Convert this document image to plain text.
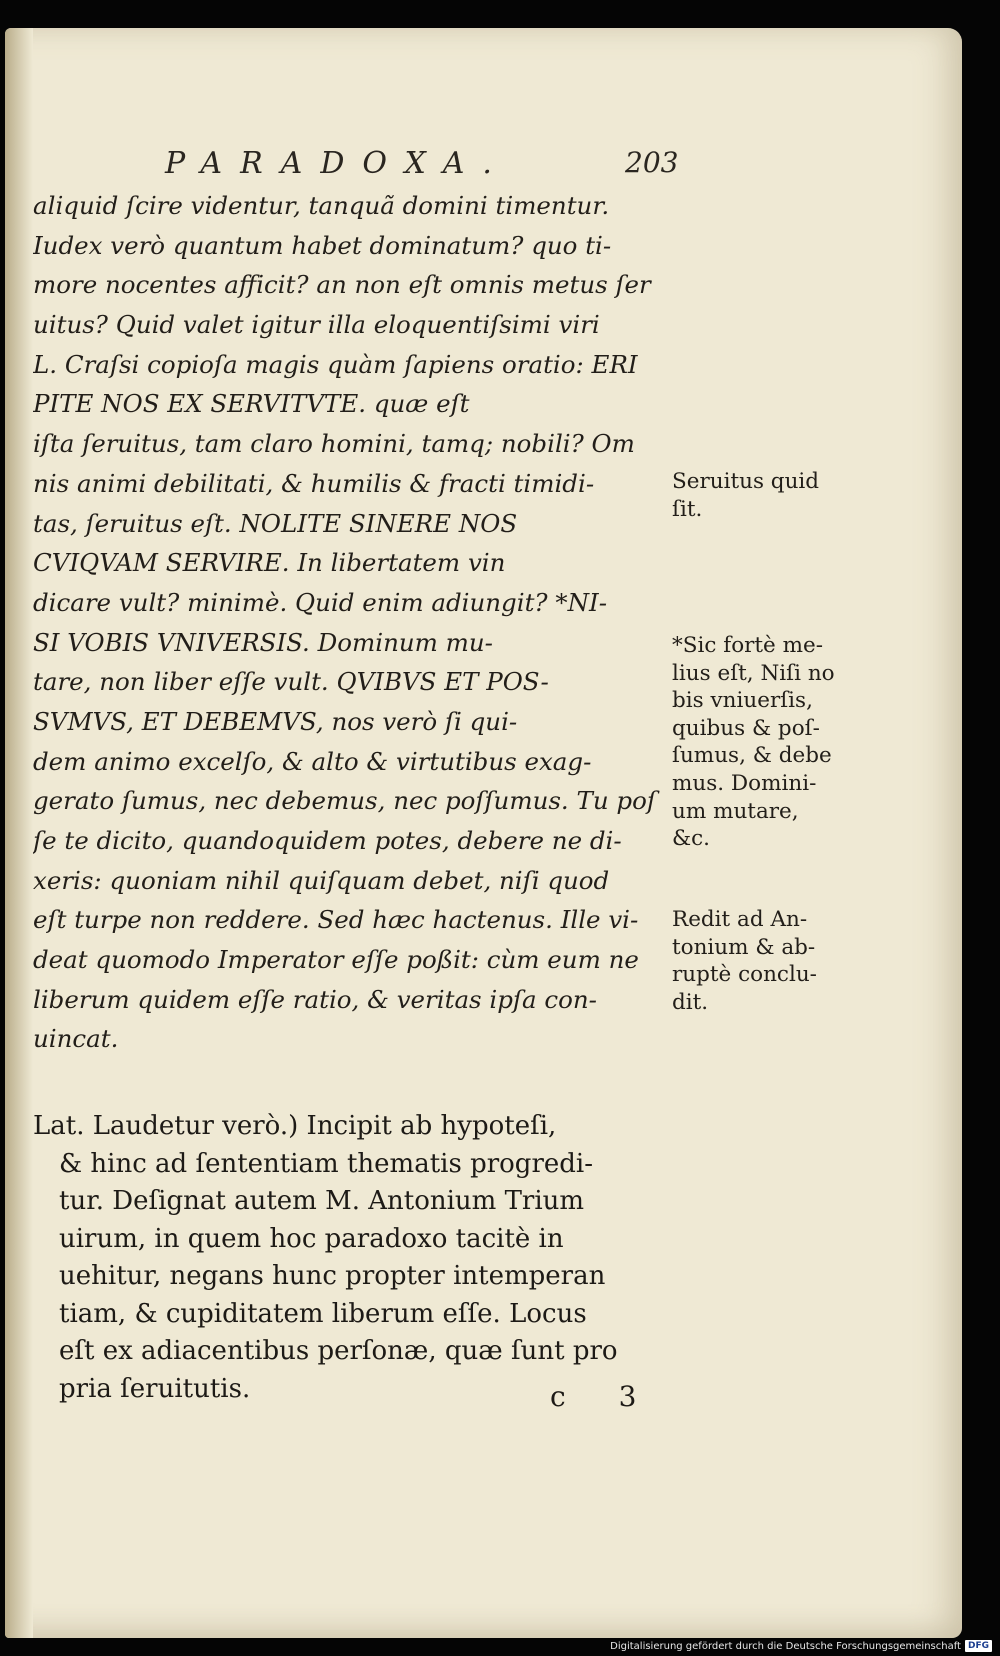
PARADOXA.	203
aliquid ſcire videntur, tanquã domini timentur.
Iudex verò quantum habet dominatum? quo ti-
more nocentes afficit? an non eſt omnis metus ſer
uitus? Quid valet igitur illa eloquentiſsimi viri
L. Craſsi copioſa magis quàm ſapiens oratio: ERI
PITE NOS EX SERVITVTE. quæ eſt
iſta ſeruitus, tam claro homini, tamq; nobili? Om
nis animi debilitati, & humilis & fracti timidi-
tas, ſeruitus eſt. NOLITE SINERE NOS
CVIQVAM SERVIRE. In libertatem vin
dicare vult? minimè. Quid enim adiungit? *NI-
SI VOBIS VNIVERSIS. Dominum mu-
tare, non liber eſſe vult. QVIBVS ET POS-
SVMVS, ET DEBEMVS, nos verò ſi qui-
dem animo excelſo, & alto & virtutibus exag-
gerato ſumus, nec debemus, nec poſſumus. Tu poſ
ſe te dicito, quandoquidem potes, debere ne di-
xeris: quoniam nihil quiſquam debet, niſi quod
eſt turpe non reddere. Sed hæc hactenus. Ille vi-
deat quomodo Imperator eſſe poßit: cùm eum ne
liberum quidem eſſe ratio, & veritas ipſa con-
uincat.
Seruitus quid
ſit.
*Sic fortè me-
lius eſt, Niſi no
bis vniuerſis,
quibus & poſ-
ſumus, & debe
mus. Domini-
um mutare,
&c.
Redit ad An-
tonium & ab-
ruptè conclu-
dit.
Lat. Laudetur verò.) Incipit ab hypoteſi,
& hinc ad ſententiam thematis progredi-
tur. Deſignat autem M. Antonium Trium
uirum, in quem hoc paradoxo tacitè in
uehitur, negans hunc propter intemperan
tiam, & cupiditatem liberum eſſe. Locus
eſt ex adiacentibus perſonæ, quæ ſunt pro
pria ſeruitutis.	c 3
Digitalisierung gefördert durch die Deutsche Forschungsgemeinschaft DFG
